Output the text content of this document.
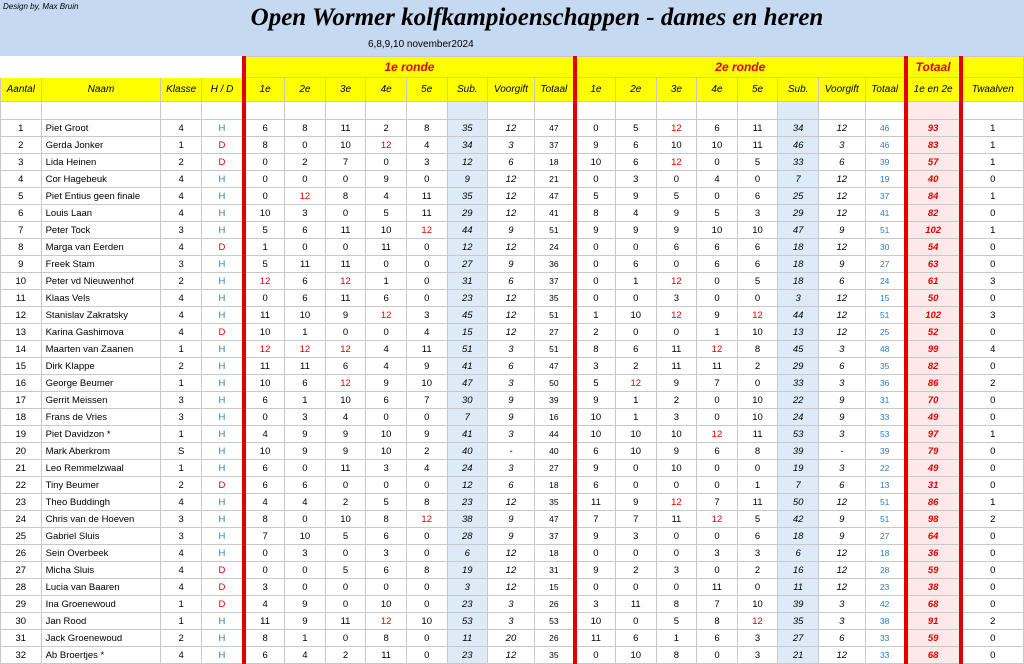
Design by, Max Bruin	Open Wormer kolfkampioenschappen - dames en heren
6,8,9,10 november2024
				1e ronde								2e ronde								Totaal	
Aantal	Naam	Klasse	H / D	1e	2e	3e	4e	5e	Sub.	Voorgift	Totaal	1e	2e	3e	4e	5e	Sub.	Voorgift	Totaal	1e en 2e	Twaalven

1	Piet Groot	4	H	6	8	11	2	8	35	12	47	0	5	12	6	11	34	12	46	93	1
2	Gerda Jonker	1	D	8	0	10	12	4	34	3	37	9	6	10	10	11	46	3	46	83	1
3	Lida Heinen	2	D	0	2	7	0	3	12	6	18	10	6	12	0	5	33	6	39	57	1
4	Cor Hagebeuk	4	H	0	0	0	9	0	9	12	21	0	3	0	4	0	7	12	19	40	0
5	Piet Entius geen finale	4	H	0	12	8	4	11	35	12	47	5	9	5	0	6	25	12	37	84	1
6	Louis Laan	4	H	10	3	0	5	11	29	12	41	8	4	9	5	3	29	12	41	82	0
7	Peter Tock	3	H	5	6	11	10	12	44	9	51	9	9	9	10	10	47	9	51	102	1
8	Marga van Eerden	4	D	1	0	0	11	0	12	12	24	0	0	6	6	6	18	12	30	54	0
9	Freek Stam	3	H	5	11	11	0	0	27	9	36	0	6	0	6	6	18	9	27	63	0
10	Peter vd Nieuwenhof	2	H	12	6	12	1	0	31	6	37	0	1	12	0	5	18	6	24	61	3
11	Klaas Vels	4	H	0	6	11	6	0	23	12	35	0	0	3	0	0	3	12	15	50	0
12	Stanislav Zakratsky	4	H	11	10	9	12	3	45	12	51	1	10	12	9	12	44	12	51	102	3
13	Karina Gashimova	4	D	10	1	0	0	4	15	12	27	2	0	0	1	10	13	12	25	52	0
14	Maarten van Zaanen	1	H	12	12	12	4	11	51	3	51	8	6	11	12	8	45	3	48	99	4
15	Dirk Klappe	2	H	11	11	6	4	9	41	6	47	3	2	11	11	2	29	6	35	82	0
16	George Beumer	1	H	10	6	12	9	10	47	3	50	5	12	9	7	0	33	3	36	86	2
17	Gerrit Meissen	3	H	6	1	10	6	7	30	9	39	9	1	2	0	10	22	9	31	70	0
18	Frans de Vries	3	H	0	3	4	0	0	7	9	16	10	1	3	0	10	24	9	33	49	0
19	Piet Davidzon *	1	H	4	9	9	10	9	41	3	44	10	10	10	12	11	53	3	53	97	1
20	Mark Aberkrom	S	H	10	9	9	10	2	40	-	40	6	10	9	6	8	39	-	39	79	0
21	Leo Remmelzwaal	1	H	6	0	11	3	4	24	3	27	9	0	10	0	0	19	3	22	49	0
22	Tiny Beumer	2	D	6	6	0	0	0	12	6	18	6	0	0	0	1	7	6	13	31	0
23	Theo Buddingh	4	H	4	4	2	5	8	23	12	35	11	9	12	7	11	50	12	51	86	1
24	Chris van de Hoeven	3	H	8	0	10	8	12	38	9	47	7	7	11	12	5	42	9	51	98	2
25	Gabriel Sluis	3	H	7	10	5	6	0	28	9	37	9	3	0	0	6	18	9	27	64	0
26	Sein Overbeek	4	H	0	3	0	3	0	6	12	18	0	0	0	3	3	6	12	18	36	0
27	Micha Sluis	4	D	0	0	5	6	8	19	12	31	9	2	3	0	2	16	12	28	59	0
28	Lucia van Baaren	4	D	3	0	0	0	0	3	12	15	0	0	0	11	0	11	12	23	38	0
29	Ina Groenewoud	1	D	4	9	0	10	0	23	3	26	3	11	8	7	10	39	3	42	68	0
30	Jan Rood	1	H	11	9	11	12	10	53	3	53	10	0	5	8	12	35	3	38	91	2
31	Jack Groenewoud	2	H	8	1	0	8	0	11	20	26	11	6	1	6	3	27	6	33	59	0
32	Ab Broertjes *	4	H	6	4	2	11	0	23	12	35	0	10	8	0	3	21	12	33	68	0
